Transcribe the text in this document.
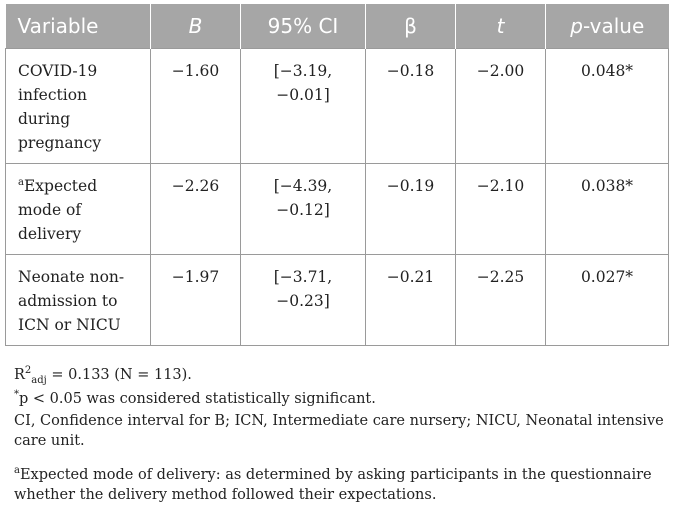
Variable	B	95% CI	β	t	p-value
COVID-19 infection during pregnancy	−1.60	[−3.19, −0.01]	−0.18	−2.00	0.048*
$^a$Expected mode of delivery	−2.26	[−4.39, −0.12]	−0.19	−2.10	0.038*
Neonate non-admission to ICN or NICU	−1.97	[−3.71, −0.23]	−0.21	−2.25	0.027*
$R^2_{adj} = 0.133$ (N = 113).
*p < 0.05 was considered statistically significant.
CI, Confidence interval for B; ICN, Intermediate care nursery; NICU, Neonatal intensive care unit.
$^a$Expected mode of delivery: as determined by asking participants in the questionnaire whether the delivery method followed their expectations.
